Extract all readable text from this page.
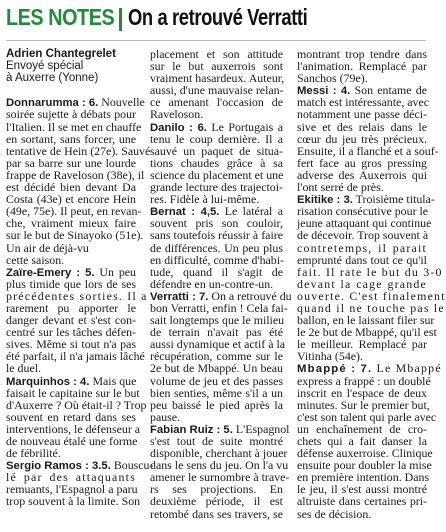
LES NOTES On a retrouvé Verratti
Adrien Chantegrelet
Envoyé spécial
à Auxerre (Yonne)
Donnarumma : 6. Nouvelle
soirée sujette à débats pour
l'Italien. Il se met en chauffe
en sortant, sans forcer, une
tentative de Hein (27e). Sauvé
par sa barre sur une lourde
frappe de Raveloson (38e), il
est décidé bien devant Da
Costa (43e) et encore Hein
(49e, 75e). Il peut, en revan-
che, vraiment mieux faire
sur le but de Sinayoko (51e).
Un air de déjà-vu
cette saison.
Zaïre-Emery : 5. Un peu
plus timide que lors de ses
précédentes sorties. Il a
rarement pu apporter le
danger devant et s'est con-
centré sur les tâches défen-
sives. Même si tout n'a pas
été parfait, il n'a jamais lâché
le duel.
Marquinhos : 4. Mais que
faisait le capitaine sur le but
d'Auxerre ? Où était-il ? Trop
souvent en retard dans ses
interventions, le défenseur a
de nouveau étalé une forme
de fébrilité.
Sergio Ramos : 3.5. Bouscu-
lé par des attaquants
remuants, l'Espagnol a paru
trop souvent à la limite. Son
placement et son attitude
sur le but auxerrois sont
vraiment hasardeux. Auteur,
aussi, d'une mauvaise relan-
ce amenant l'occasion de
Raveloson.
Danilo : 6. Le Portugais a
tenu le coup dernière. Il a
sauvé un paquet de situa-
tions chaudes grâce à sa
science du placement et une
grande lecture des trajectoi-
res. Fidèle à lui-même.
Bernat : 4,5. Le latéral a
souvent pris son couloir,
sans toutefois réussir à faire
de différences. Un peu plus
en difficulté, comme d'habi-
tude, quand il s'agit de
défendre en un-contre-un.
Verratti : 7. On a retrouvé du
bon Verratti, enfin ! Cela fai-
sait longtemps que le milieu
de terrain n'avait pas été
aussi dynamique et actif à la
récupération, comme sur le
2e but de Mbappé. Un beau
volume de jeu et des passes
bien senties, même s'il a un
peu baissé le pied après la
pause.
Fabian Ruiz : 5. L'Espagnol
s'est tout de suite montré
disponible, cherchant à jouer
dans le sens du jeu. On l'a vu
amener le surnombre à trave-
rs ses projections. En
deuxième période, il est
retombé dans ses travers, se
montrant trop tendre dans
l'animation. Remplacé par
Sanchos (79e).
Messi : 4. Son entame de
match est intéressante, avec
notamment une passe déci-
sive et des relais dans le
cœur du jeu très précieux.
Ensuite, il a flanché et a souf-
fert face au gros pressing
adverse des Auxerrois qui
l'ont serré de près.
Ekitike : 3. Troisième titula-
risation consécutive pour le
jeune attaquant qui continue
de décevoir. Trop souvent à
contretemps, il parait
emprunté dans tout ce qu'il
fait. Il rate le but du 3-0
devant la cage grande
ouverte. C'est finalement
quand il ne touche pas le
ballon, en le laissant filer sur
le 2e but de Mbappé, qu'il est
le meilleur. Remplacé par
Vitinha (54e).
Mbappé : 7. Le Mbappé
express a frappé : un doublé
inscrit en l'espace de deux
minutes. Sur le premier but,
c'est son talent qui parle avec
un enchaînement de cro-
chets qui a fait danser la
défense auxerroise. Clinique
ensuite pour doubler la mise
en première intention. Dans
le jeu, il s'est aussi montré
altruiste dans certaines pri-
ses de décision.
